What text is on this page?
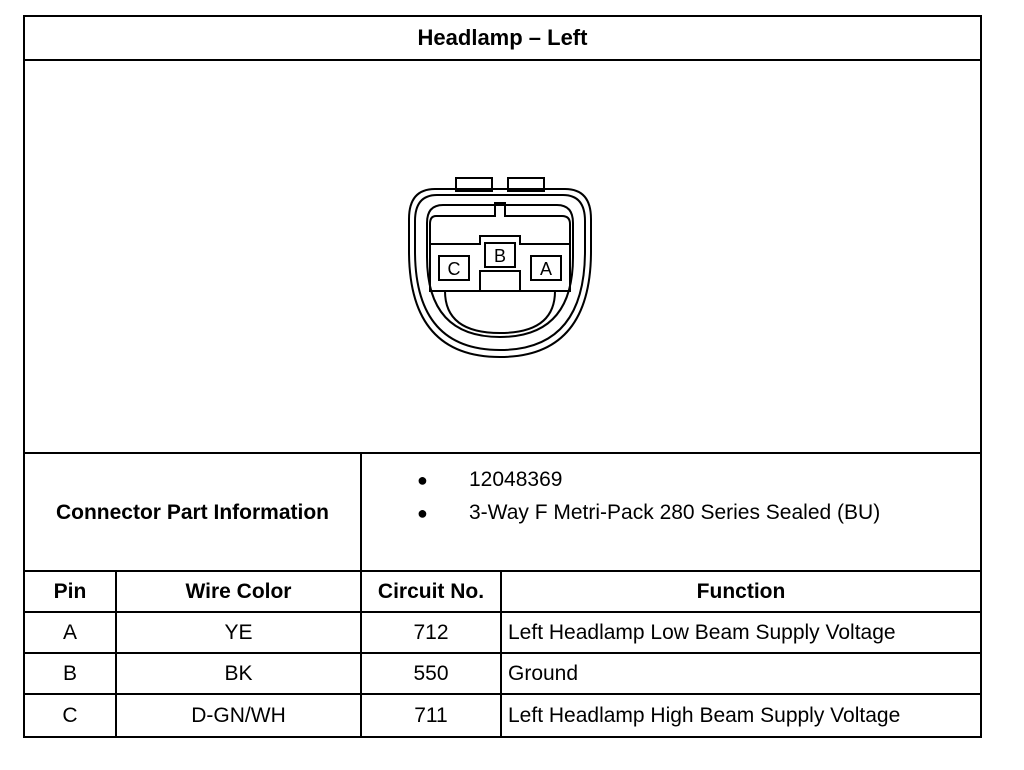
Headlamp – Left
C
B
A
Connector Part Information
● 12048369
● 3-Way F Metri-Pack 280 Series Sealed (BU)
Pin	Wire Color	Circuit No.	Function
A	YE	712	Left Headlamp Low Beam Supply Voltage
B	BK	550	Ground
C	D-GN/WH	711	Left Headlamp High Beam Supply Voltage
